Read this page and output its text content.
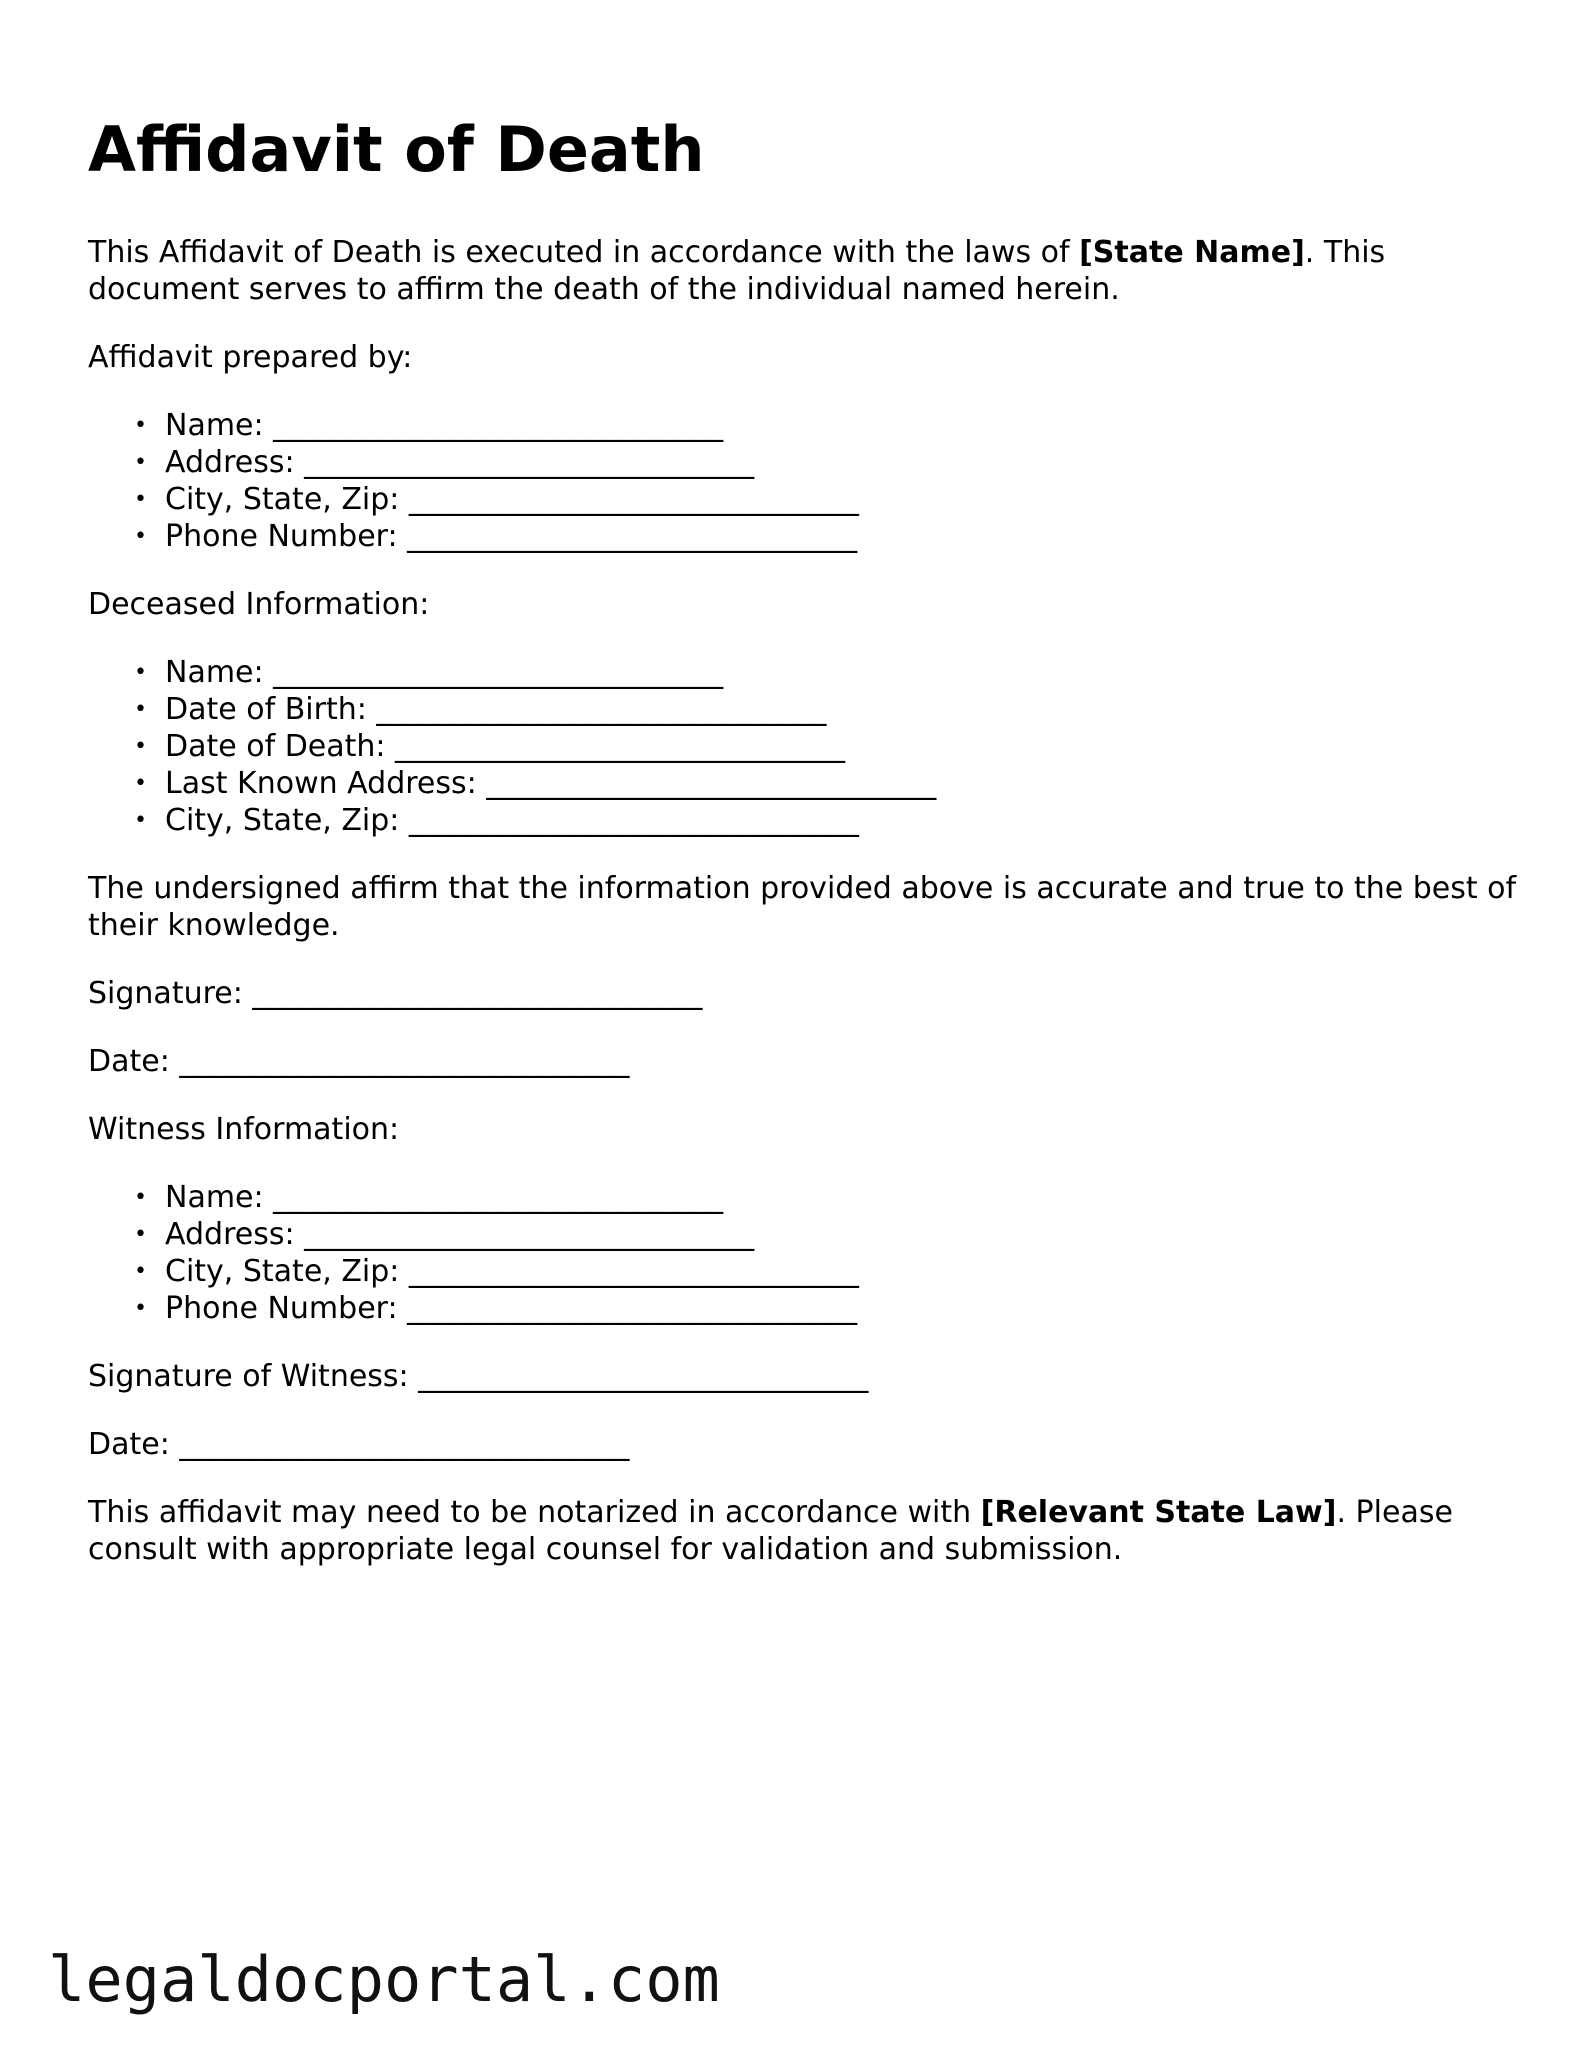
Affidavit of Death

This Affidavit of Death is executed in accordance with the laws of [State Name]. This document serves to affirm the death of the individual named herein.

Affidavit prepared by:

• Name: ______________________________
• Address: ______________________________
• City, State, Zip: ______________________________
• Phone Number: ______________________________

Deceased Information:

• Name: ______________________________
• Date of Birth: ______________________________
• Date of Death: ______________________________
• Last Known Address: ______________________________
• City, State, Zip: ______________________________

The undersigned affirm that the information provided above is accurate and true to the best of their knowledge.

Signature: ______________________________

Date: ______________________________

Witness Information:

• Name: ______________________________
• Address: ______________________________
• City, State, Zip: ______________________________
• Phone Number: ______________________________

Signature of Witness: ______________________________

Date: ______________________________

This affidavit may need to be notarized in accordance with [Relevant State Law]. Please consult with appropriate legal counsel for validation and submission.

legaldocportal.com
